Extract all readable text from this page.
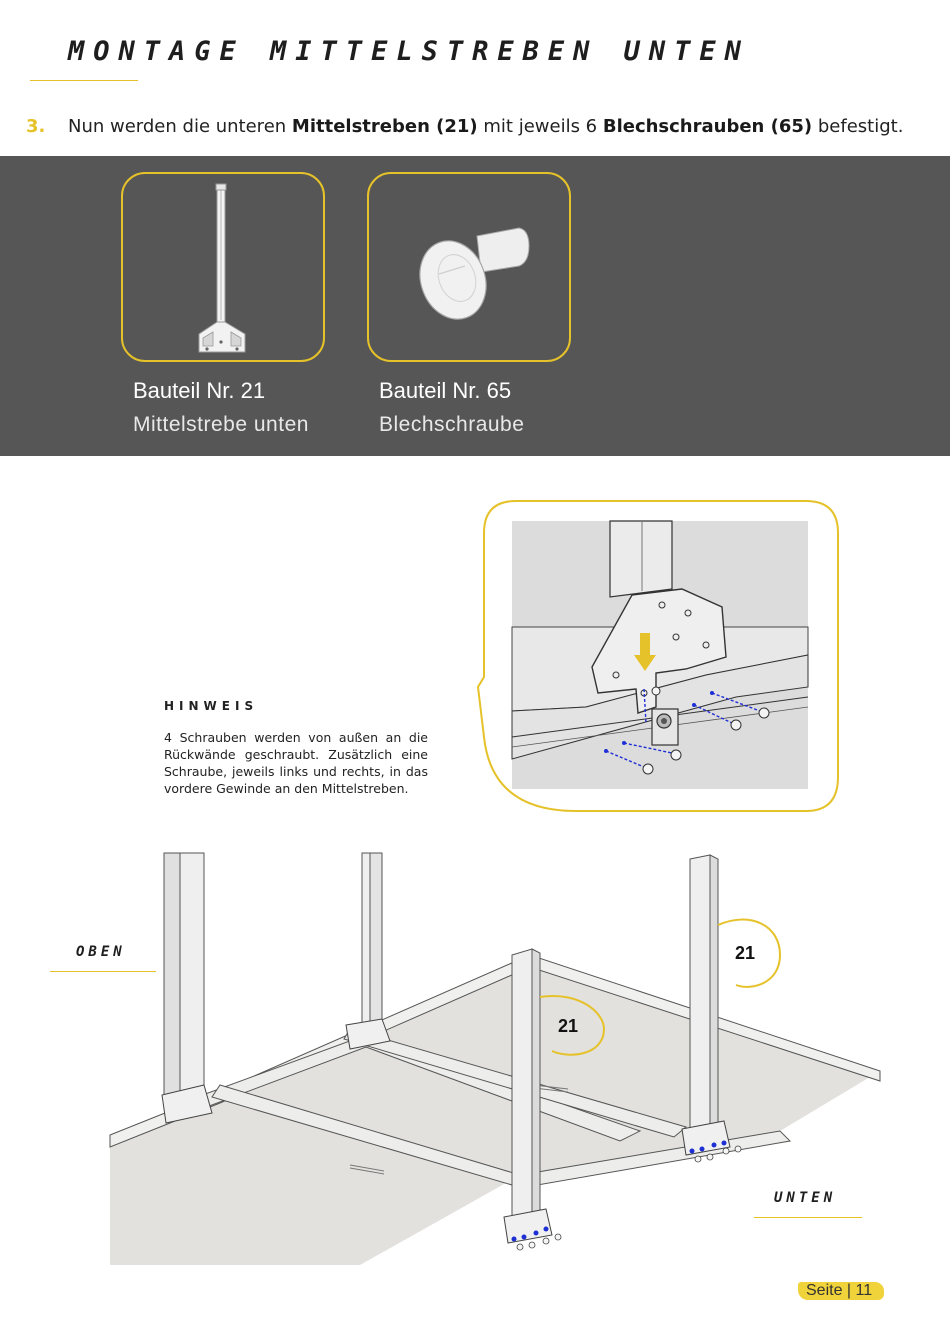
MONTAGE MITTELSTREBEN UNTEN
3. Nun werden die unteren Mittelstreben (21) mit jeweils 6 Blechschrauben (65) befestigt.
Bauteil Nr. 21
Mittelstrebe unten
Bauteil Nr. 65
Blechschraube
HINWEIS

4 Schrauben werden von außen an die Rückwände geschraubt. Zusätzlich eine Schraube, jeweils links und rechts, in das vordere Gewinde an den Mittelstreben.

OBEN
UNTEN
21
21
Seite | 11
